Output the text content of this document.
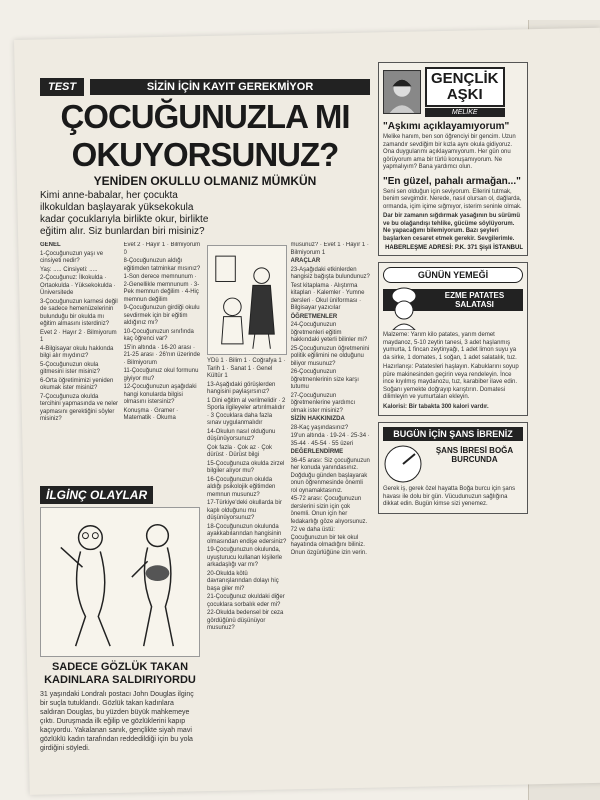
TEST	SİZİN İÇİN KAYIT GEREKMİYOR
ÇOCUĞUNUZLA MI
OKUYORSUNUZ?
YENİDEN OKULLU OLMANIZ MÜMKÜN
Kimi anne-babalar, her çocukta ilkokuldan başlayarak yüksekokula kadar çocuklarıyla birlikte okur, birlikte eğitim alır. Siz bunlardan biri misiniz?

GENEL

1-Çocuğunuzun yaşı ve cinsiyeti nedir?

Yaş: ..... Cinsiyeti: .....

2-Çocuğunuz: İlkokulda · Ortaokulda · Yüksekokulda · Üniversitede

3-Çocuğunuzun karnesi değil de sadece hemenüzelerinin bulunduğu bir okulda mı eğitim almasını isterdiniz?

Evet 2 · Hayır 2 · Bilmiyorum 1

4-Bilgisayar okulu hakkında bilgi alır mıydınız?

5-Çocuğunuzun okula gitmesini ister misiniz?

6-Orta öğretimimizi yeniden okumak ister misiniz?

7-Çocuğunuza okulda tercihini yapmasında ve neler yapmasını gerektiğini söyler misiniz?

Evet 2 · Hayır 1 · Bilmiyorum 0

8-Çocuğunuzun aldığı eğitimden tatminkar mısınız?

1-Son derece memnunum · 2-Genellikle memnunum · 3-Pek memnun değilim · 4-Hiç memnun değilim

9-Çocuğunuzun girdiği okulu sevdirmek için bir eğitim aldığınız mı?

10-Çocuğunuzun sınıfında kaç öğrenci var?

15'in altında · 16-20 arası · 21-25 arası · 26'nın üzerinde · Bilmiyorum

11-Çocuğunuz okul formunu giyiyor mu?

12-Çocuğunuzun aşağıdaki hangi konularda bilgisi olmasını istersiniz?

Konuşma · Gramer · Matematik · Okuma

YDü 1 · Bilim 1 · Coğrafya 1 · Tarih 1 · Sanat 1 · Genel Kültür 1

13-Aşağıdaki görüşlerden hangisini paylaşırsınız?

1 Dini eğitim al verilmelidir · 2 Sporla ilgileyeler artırılmalıdır · 3 Çocuklara daha fazla sınav uygulanmalıdır

14-Okulun nasıl olduğunu düşünüyorsunuz?

Çok fazla · Çok az · Çok dürüst · Dürüst bilgi

15-Çocuğunuza okulda zirzel bilgiler alıyor mu?

16-Çocuğunuzun okulda aldığı psikolojik eğitimden memnun musunuz?

17-Türkiye'deki okullarda bir kaplı olduğunu mu düşünüyorsunuz?

18-Çocuğunuzun okulunda ayakkabılarından hangisinin olmasından endişe edersiniz?

19-Çocuğunuzun okulunda, uyuşturucu kullanan kişilerle arkadaşlığı var mı?

20-Okulda kötü davranışlarından dolayı hiç başa giler mi?

21-Çocuğunuz okuldaki diğer çocuklara sorbalık eder mi?

22-Okulda bedensel bir ceza gördüğünü düşünüyor musunuz?

musunuz? · Evet 1 · Hayır 1 · Bilmiyorum 1

ARAÇLAR

23-Aşağıdaki etkinlerden hangisiz bağışta bulundunuz?

Test kitaplama · Alıştırma kitapları · Kalemler · Yumne dersleri · Okul üniforması · Bilgisayar yazıcılar

ÖĞRETMENLER

24-Çocuğunuzun öğretmenleri eğitim hakkındaki yeterli bilinler mi?

25-Çocuğunuzun öğretmenini politik eğilimini ne olduğunu biliyor musunuz?

26-Çocuğunuzun öğretmenlerinin size karşı tutumu

27-Çocuğunuzun öğretmenlerine yardımcı olmak ister misiniz?

SİZİN HAKKINIZDA

28-Kaç yaşındasınız?

19'un altında · 19-24 · 25-34 · 35-44 · 45-54 · 55 üzeri

DEĞERLENDİRME

36-45 arası: Siz çocuğunuzun her konuda yanındasınız. Doğduğu günden başlayarak onun öğrenmesinde önemli rol oynamaktasınız.

45-72 arası: Çocuğunuzun derslerini sizin için çok önemli. Onun için her fedakarlığı göze alıyorsunuz.

72 ve daha üstü: Çocuğunuzun bir tek okul hayatında olmadığını biliniz. Onun özgürlüğüne izin verin.

İLGİNÇ OLAYLAR
SADECE GÖZLÜK TAKAN KADINLARA SALDIRIYORDU
31 yaşındaki Londralı postacı John Douglas ilginç bir suçla tutuklandı. Gözlük takan kadınlara saldıran Douglas, bu yüzden büyük mahkemeye çıktı. Duruşmada ilk eğilip ve gözlüklerini kapıp kaçıyordu. Yakalanan sanık, gençlikte siyah mavi gözlüklü kadın tarafından reddedildiği için bu yola girdiğini söyledi.
GENÇLİK
AŞKI
MELİKE
"Aşkımı açıklayamıyorum"
Melike hanım, ben son öğrenciyi bir gencim. Uzun zamandır sevdiğim bir kızla aynı okula gidiyoruz. Ona duygularımı açıklayamıyorum. Her gün onu görüyorum ama bir türlü konuşamıyorum. Ne yapmalıyım? Bana yardımcı olun.
"En güzel, pahalı armağan..."
Seni sen olduğun için seviyorum. Ellerini tutmak, benim sevgimdir. Nerede, nasıl olursan ol, dağlarda, ormanda, içim içime sığmıyor, isterim seninle olmak.
Dar bir zamanın sığdırmak yasağının bu sürümü ve bu olağandışı tehlike, gücüme söylüyorum. Ne yapacağımı bilemiyorum. Bazı şeyleri başlarken cesaret etmek gerekir. Sevgilerimle.
HABERLEŞME ADRESİ: P.K. 371 Şişli İSTANBUL
GÜNÜN YEMEĞİ
EZME PATATES SALATASI
Malzeme: Yarım kilo patates, yarım demet maydanoz, 5-10 zeytin tanesi, 3 adet haşlanmış yumurta, 1 fincan zeytinyağı, 1 adet limon suyu ya da sirke, 1 domates, 1 soğan, 1 adet salatalık, tuz.
Hazırlanışı: Patatesleri haşlayın. Kabuklarını soyup püre makinesinden geçirin veya rendeleyin. İnce ince kıyılmış maydanozu, tuz, karabiber ilave edin. Soğanı yemekte doğrayıp karıştırın. Domatesi dilimleyin ve yumurtaları ekleyin.
Kalorisi: Bir tabakta 300 kalori vardır.
BUGÜN İÇİN ŞANS İBRENİZ
ŞANS İBRESİ BOĞA BURCUNDA
Gerek iş, gerek özel hayatta Boğa burcu için şans havası ile dolu bir gün. Vücudunuzun sağlığına dikkat edin. Bugün kimse sizi yenemez.
